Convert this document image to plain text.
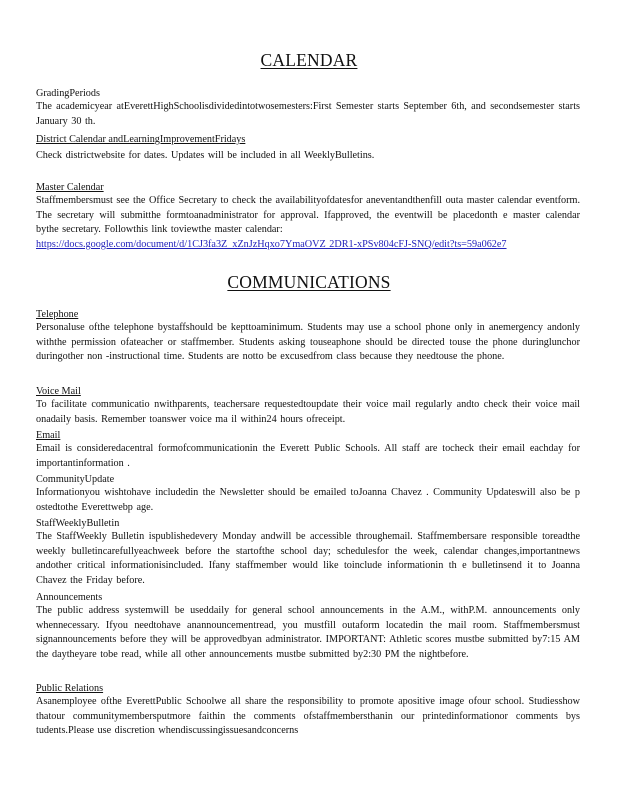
CALENDAR

GradingPeriods

The academicyear atEverettHighSchoolisdividedintotwosemesters:First Semester starts September 6th, and secondsemester starts January 30 th.

District Calendar andLearningImprovementFridays

Check districtwebsite for dates. Updates will be included in all WeeklyBulletins.

Master Calendar

Staffmembersmust see the Office Secretary to check the availabilityofdatesfor aneventandthenfill outa master calendar eventform. The secretary will submitthe formtoanadministrator for approval. Ifapproved, the eventwill be placedonth e master calendar bythe secretary. Followthis link toviewthe master calendar:
https://docs.google.com/document/d/1CJ3fa3Z_xZnJzHqxo7YmaOVZ 2DR1-xPSv804cFJ-SNQ/edit?ts=59a062e7
COMMUNICATIONS

Telephone

Personaluse ofthe telephone bystaffshould be kepttoaminimum. Students may use a school phone only in anemergency andonly withthe permission ofateacher or staffmember. Students asking touseaphone should be directed touse the phone duringlunchor duringother non -instructional time. Students are notto be excusedfrom class because they needtouse the phone.

Voice Mail

To facilitate communicatio nwithparents, teachersare requestedtoupdate their voice mail regularly andto check their voice mail onadaily basis. Remember toanswer voice ma il within24 hours ofreceipt.

Email

Email is consideredacentral formofcommunicationin the Everett Public Schools. All staff are tocheck their email eachday for importantinformation .

CommunityUpdate

Informationyou wishtohave includedin the Newsletter should be emailed toJoanna Chavez . Community Updateswill also be p ostedtothe Everettwebp age.

StaffWeeklyBulletin

The StaffWeekly Bulletin ispublishedevery Monday andwill be accessible throughemail. Staffmembersare responsible toreadthe weekly bulletincarefullyeachweek before the startofthe school day; schedulesfor the week, calendar changes,importantnews andother critical informationisincluded. Ifany staffmember would like toinclude informationin th e bulletinsend it to Joanna Chavez the Friday before.

Announcements

The public address systemwill be useddaily for general school announcements in the A.M., withP.M. announcements only whennecessary. Ifyou needtohave anannouncementread, you mustfill outaform locatedin the mail room. Staffmembersmust signannouncements before they will be approvedbyan administrator. IMPORTANT: Athletic scores mustbe submitted by7:15 AM the daytheyare tobe read, while all other announcements mustbe submitted by2:30 PM the nightbefore.

Public Relations

Asanemployee ofthe EverettPublic Schoolwe all share the responsibility to promote apositive image ofour school. Studiesshow thatour communitymembersputmore faithin the comments ofstaffmembersthanin our printedinformationor comments bys tudents.Please use discretion whendiscussingissuesandconcerns
